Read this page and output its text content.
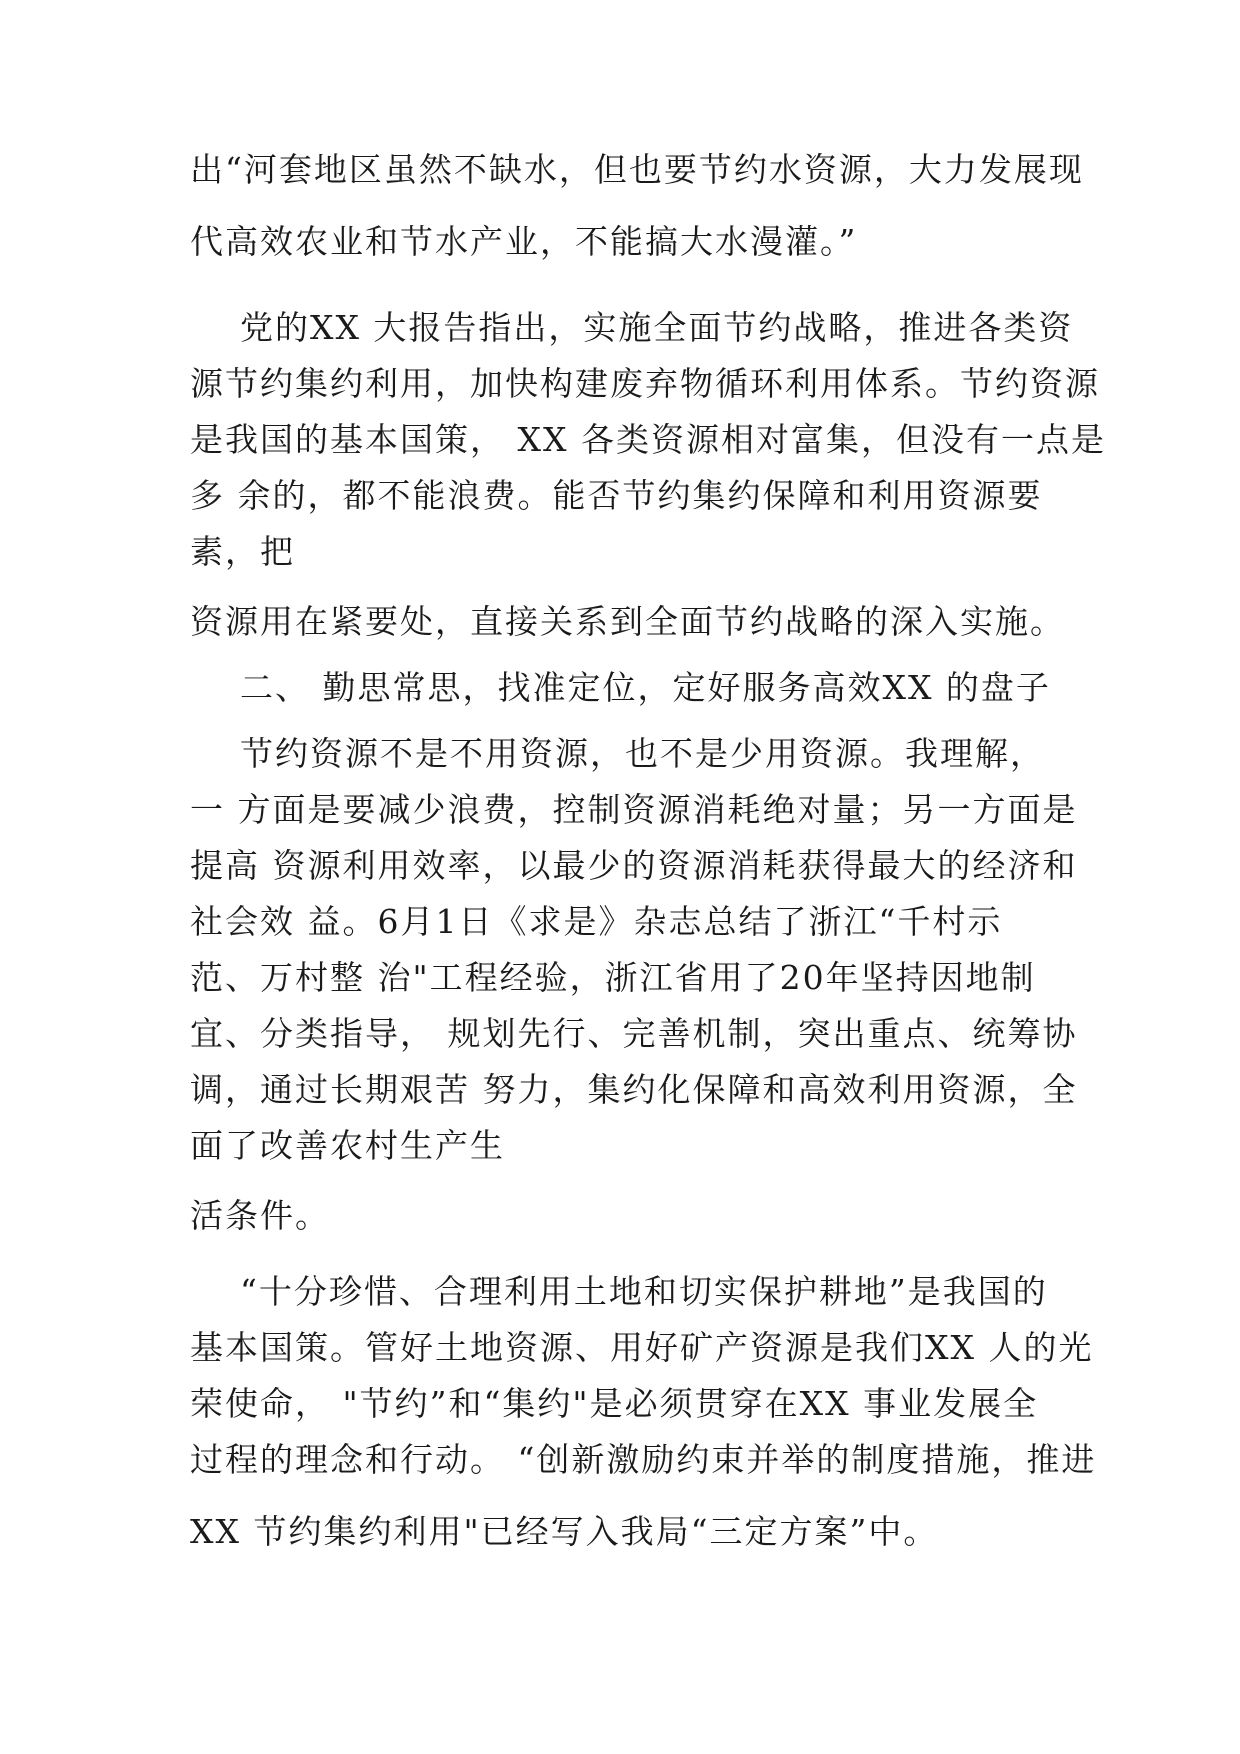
出“河套地区虽然不缺水，但也要节约水资源，大力发展现
代高效农业和节水产业，不能搞大水漫灌。”
党的XX 大报告指出，实施全面节约战略，推进各类资
源节约集约利用，加快构建废弃物循环利用体系。节约资源
是我国的基本国策， XX 各类资源相对富集，但没有一点是
多 余的，都不能浪费。能否节约集约保障和利用资源要
素，把
资源用在紧要处，直接关系到全面节约战略的深入实施。
二、 勤思常思，找准定位，定好服务高效XX 的盘子
节约资源不是不用资源，也不是少用资源。我理解，
一 方面是要减少浪费，控制资源消耗绝对量；另一方面是
提高 资源利用效率，以最少的资源消耗获得最大的经济和
社会效 益。6月1日《求是》杂志总结了浙江“千村示
范、万村整 治"工程经验，浙江省用了20年坚持因地制
宜、分类指导， 规划先行、完善机制，突出重点、统筹协
调，通过长期艰苦 努力，集约化保障和高效利用资源，全
面了改善农村生产生
活条件。
“十分珍惜、合理利用土地和切实保护耕地”是我国的
基本国策。管好土地资源、用好矿产资源是我们XX 人的光
荣使命， "节约”和“集约"是必须贯穿在XX 事业发展全
过程的理念和行动。 “创新激励约束并举的制度措施，推进
XX 节约集约利用"已经写入我局“三定方案”中。
